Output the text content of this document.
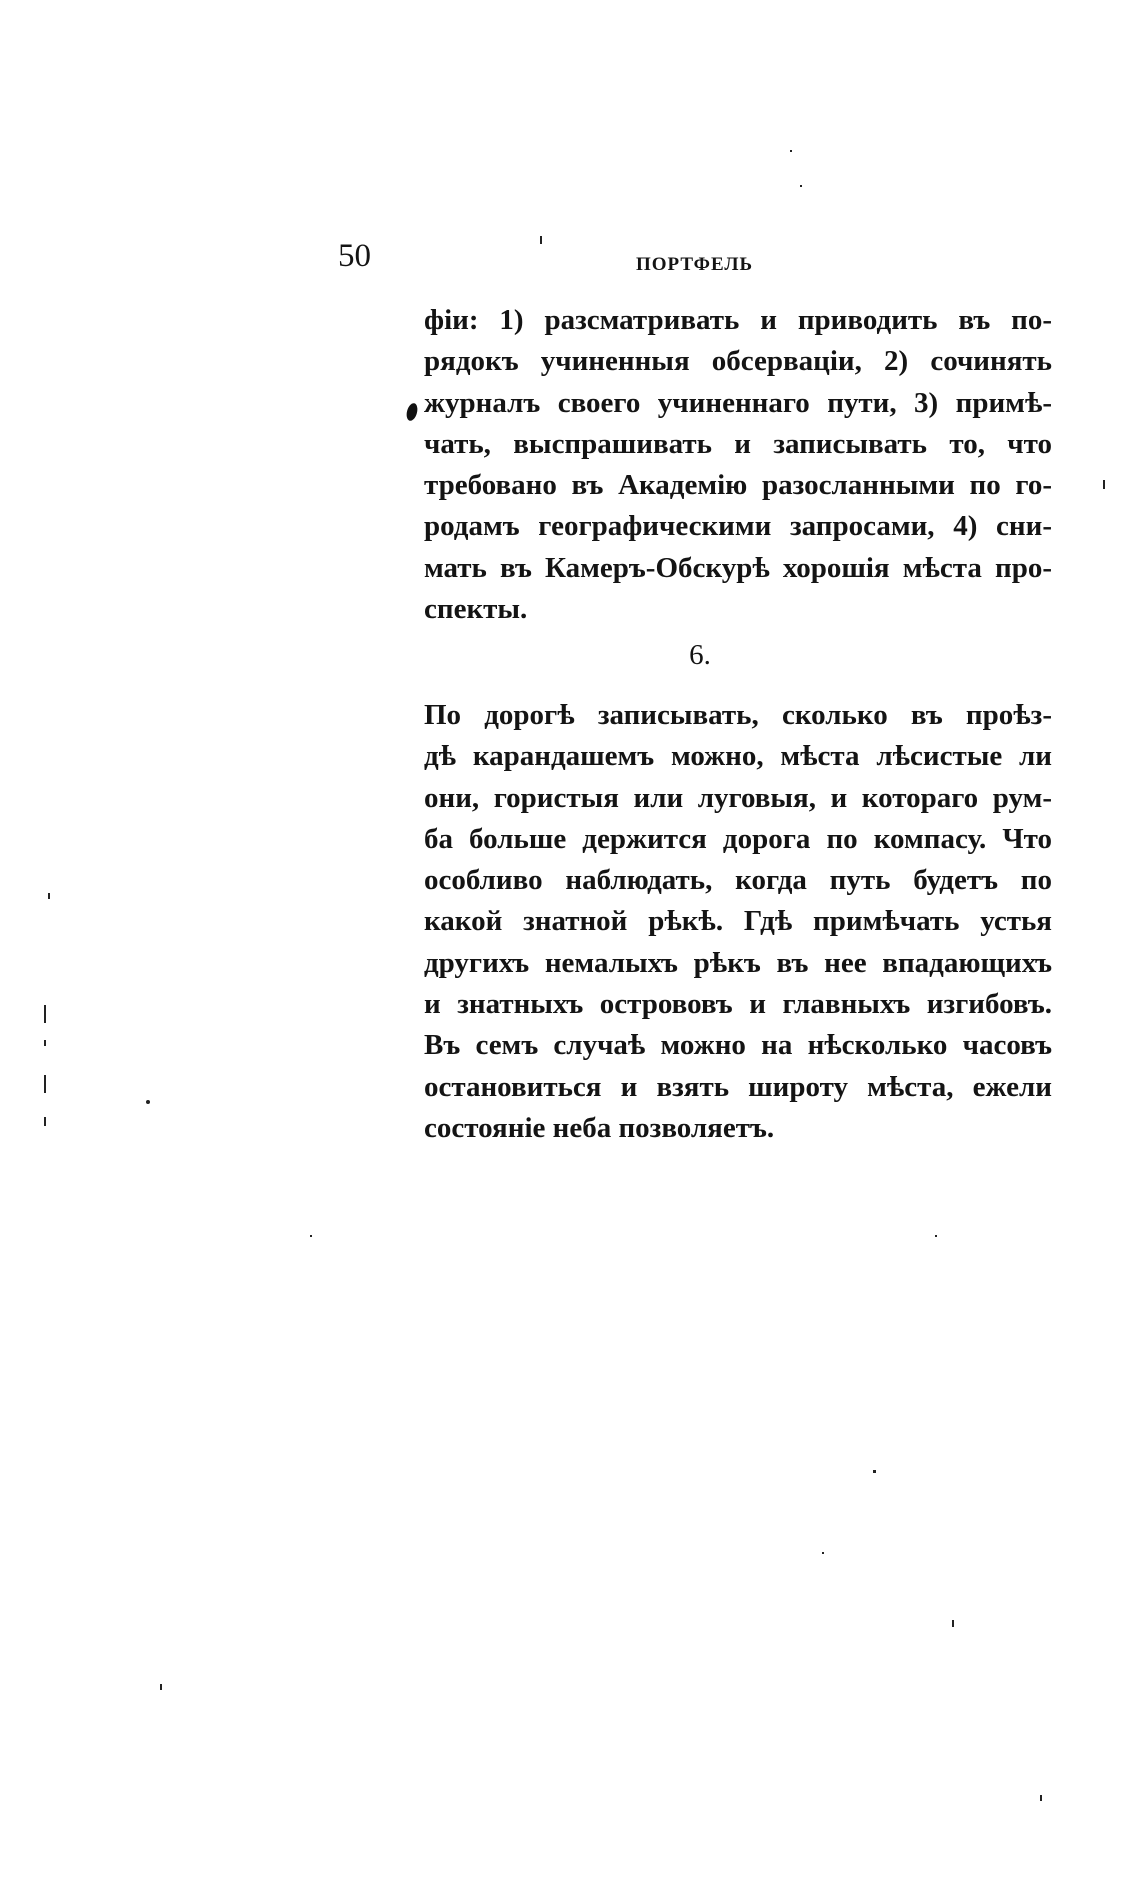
50	ПОРТФЕЛЬ
фіи: 1) разсматривать и приводить въ по-
рядокъ учиненныя обсерваціи, 2) сочинять
журналъ своего учиненнаго пути, 3) примѣ-
чать, выспрашивать и записывать то, что
требовано въ Академію разосланными по го-
родамъ географическими запросами, 4) сни-
мать въ Камеръ-Обскурѣ хорошія мѣста про-
спекты.
6.
По дорогѣ записывать, сколько въ проѣз-
дѣ карандашемъ можно, мѣста лѣсистые ли
они, гористыя или луговыя, и котораго рум-
ба больше держится дорога по компасу. Что
особливо наблюдать, когда путь будетъ по
какой знатной рѣкѣ. Гдѣ примѣчать устья
другихъ немалыхъ рѣкъ въ нее впадающихъ
и знатныхъ острововъ и главныхъ изгибовъ.
Въ семъ случаѣ можно на нѣсколько часовъ
остановиться и взять широту мѣста, ежели
состояніе неба позволяетъ.
